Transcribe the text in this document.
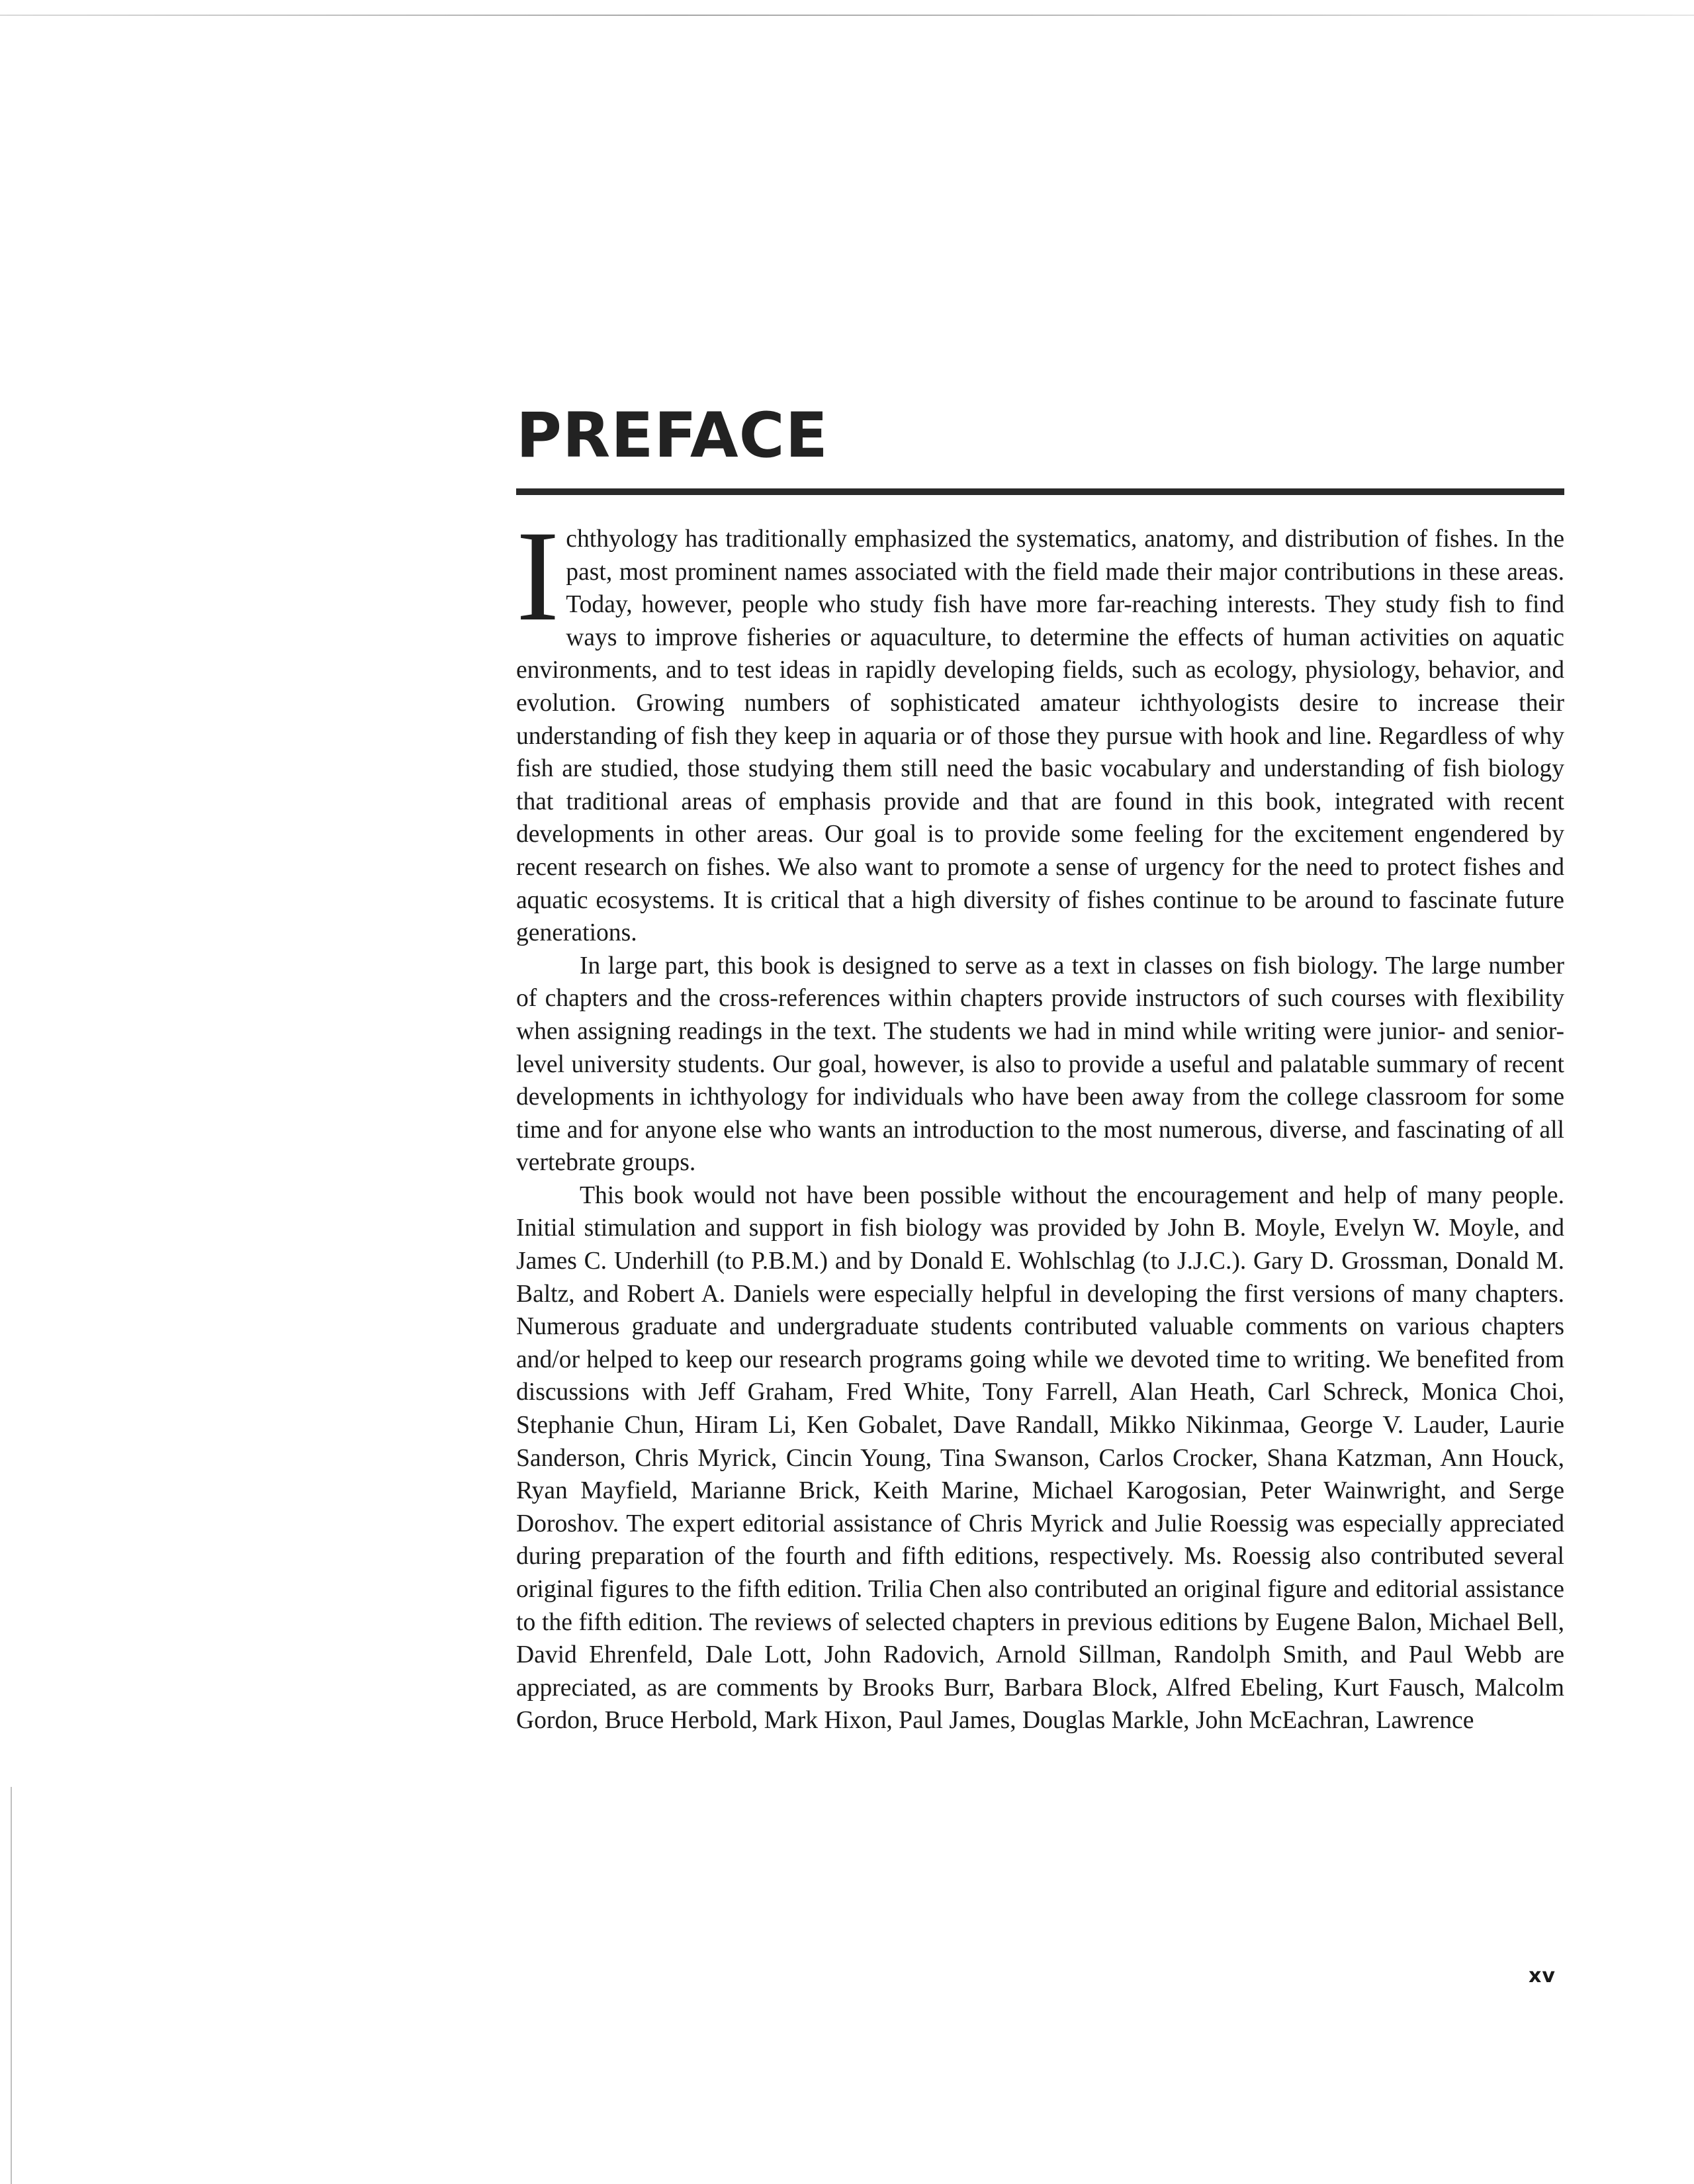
PREFACE

Ichthyology has traditionally emphasized the systematics, anatomy, and distribution of fishes. In the past, most prominent names associated with the field made their major contributions in these areas. Today, however, people who study fish have more far-reaching interests. They study fish to find ways to improve fisheries or aquaculture, to determine the effects of human activities on aquatic environments, and to test ideas in rapidly developing fields, such as ecology, physiology, behavior, and evolution. Growing numbers of sophisticated amateur ichthyologists desire to increase their understanding of fish they keep in aquaria or of those they pursue with hook and line. Regardless of why fish are studied, those studying them still need the basic vocabulary and understanding of fish biology that traditional areas of emphasis provide and that are found in this book, integrated with recent developments in other areas. Our goal is to provide some feeling for the excitement engendered by recent research on fishes. We also want to promote a sense of urgency for the need to protect fishes and aquatic ecosystems. It is critical that a high diversity of fishes continue to be around to fascinate future generations.

In large part, this book is designed to serve as a text in classes on fish biology. The large number of chapters and the cross-references within chapters provide instructors of such courses with flexibility when assigning readings in the text. The students we had in mind while writing were junior- and senior-level university students. Our goal, however, is also to provide a useful and palatable summary of recent developments in ichthyology for individuals who have been away from the college classroom for some time and for anyone else who wants an introduction to the most numerous, diverse, and fascinating of all vertebrate groups.

This book would not have been possible without the encouragement and help of many people. Initial stimulation and support in fish biology was provided by John B. Moyle, Evelyn W. Moyle, and James C. Underhill (to P.B.M.) and by Donald E. Wohlschlag (to J.J.C.). Gary D. Grossman, Donald M. Baltz, and Robert A. Daniels were especially helpful in developing the first versions of many chapters. Numerous graduate and undergraduate students contributed valuable comments on various chapters and/or helped to keep our research programs going while we devoted time to writing. We benefited from discussions with Jeff Graham, Fred White, Tony Farrell, Alan Heath, Carl Schreck, Monica Choi, Stephanie Chun, Hiram Li, Ken Gobalet, Dave Randall, Mikko Nikinmaa, George V. Lauder, Laurie Sanderson, Chris Myrick, Cincin Young, Tina Swanson, Carlos Crocker, Shana Katzman, Ann Houck, Ryan Mayfield, Marianne Brick, Keith Marine, Michael Karogosian, Peter Wainwright, and Serge Doroshov. The expert editorial assistance of Chris Myrick and Julie Roessig was especially appreciated during preparation of the fourth and fifth editions, respectively. Ms. Roessig also contributed several original figures to the fifth edition. Trilia Chen also contributed an original figure and editorial assistance to the fifth edition. The reviews of selected chapters in previous editions by Eugene Balon, Michael Bell, David Ehrenfeld, Dale Lott, John Radovich, Arnold Sillman, Randolph Smith, and Paul Webb are appreciated, as are comments by Brooks Burr, Barbara Block, Alfred Ebeling, Kurt Fausch, Malcolm Gordon, Bruce Herbold, Mark Hixon, Paul James, Douglas Markle, John McEachran, Lawrence

xv
